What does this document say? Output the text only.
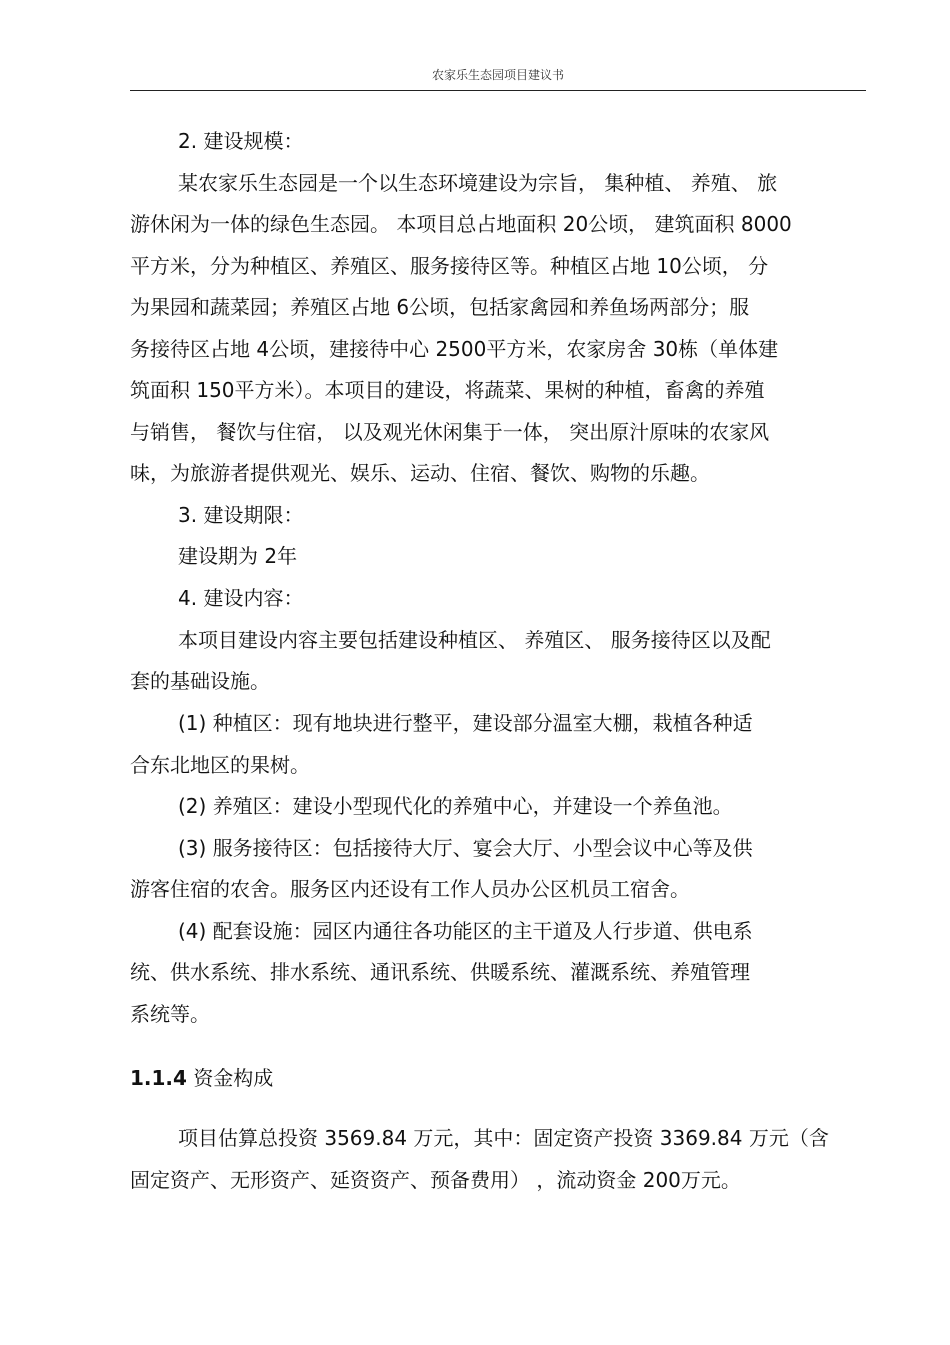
农家乐生态园项目建议书
2. 建设规模：
某农家乐生态园是一个以生态环境建设为宗旨， 集种植、 养殖、 旅
游休闲为一体的绿色生态园。 本项目总占地面积 20公顷， 建筑面积 8000
平方米，分为种植区、养殖区、服务接待区等。种植区占地 10公顷， 分
为果园和蔬菜园；养殖区占地 6公顷，包括家禽园和养鱼场两部分；服
务接待区占地 4公顷，建接待中心 2500平方米，农家房舍 30栋（单体建
筑面积 150平方米）。本项目的建设，将蔬菜、果树的种植，畜禽的养殖
与销售， 餐饮与住宿， 以及观光休闲集于一体， 突出原汁原味的农家风
味，为旅游者提供观光、娱乐、运动、住宿、餐饮、购物的乐趣。
3. 建设期限：
建设期为 2年
4. 建设内容：
本项目建设内容主要包括建设种植区、 养殖区、 服务接待区以及配
套的基础设施。
(1) 种植区：现有地块进行整平，建设部分温室大棚，栽植各种适
合东北地区的果树。
(2) 养殖区：建设小型现代化的养殖中心，并建设一个养鱼池。
(3) 服务接待区：包括接待大厅、宴会大厅、小型会议中心等及供
游客住宿的农舍。服务区内还设有工作人员办公区机员工宿舍。
(4) 配套设施：园区内通往各功能区的主干道及人行步道、供电系
统、供水系统、排水系统、通讯系统、供暖系统、灌溉系统、养殖管理
系统等。
1.1.4 资金构成
项目估算总投资 3569.84 万元，其中：固定资产投资 3369.84 万元（含
固定资产、无形资产、延资资产、预备费用） ，流动资金 200万元。
